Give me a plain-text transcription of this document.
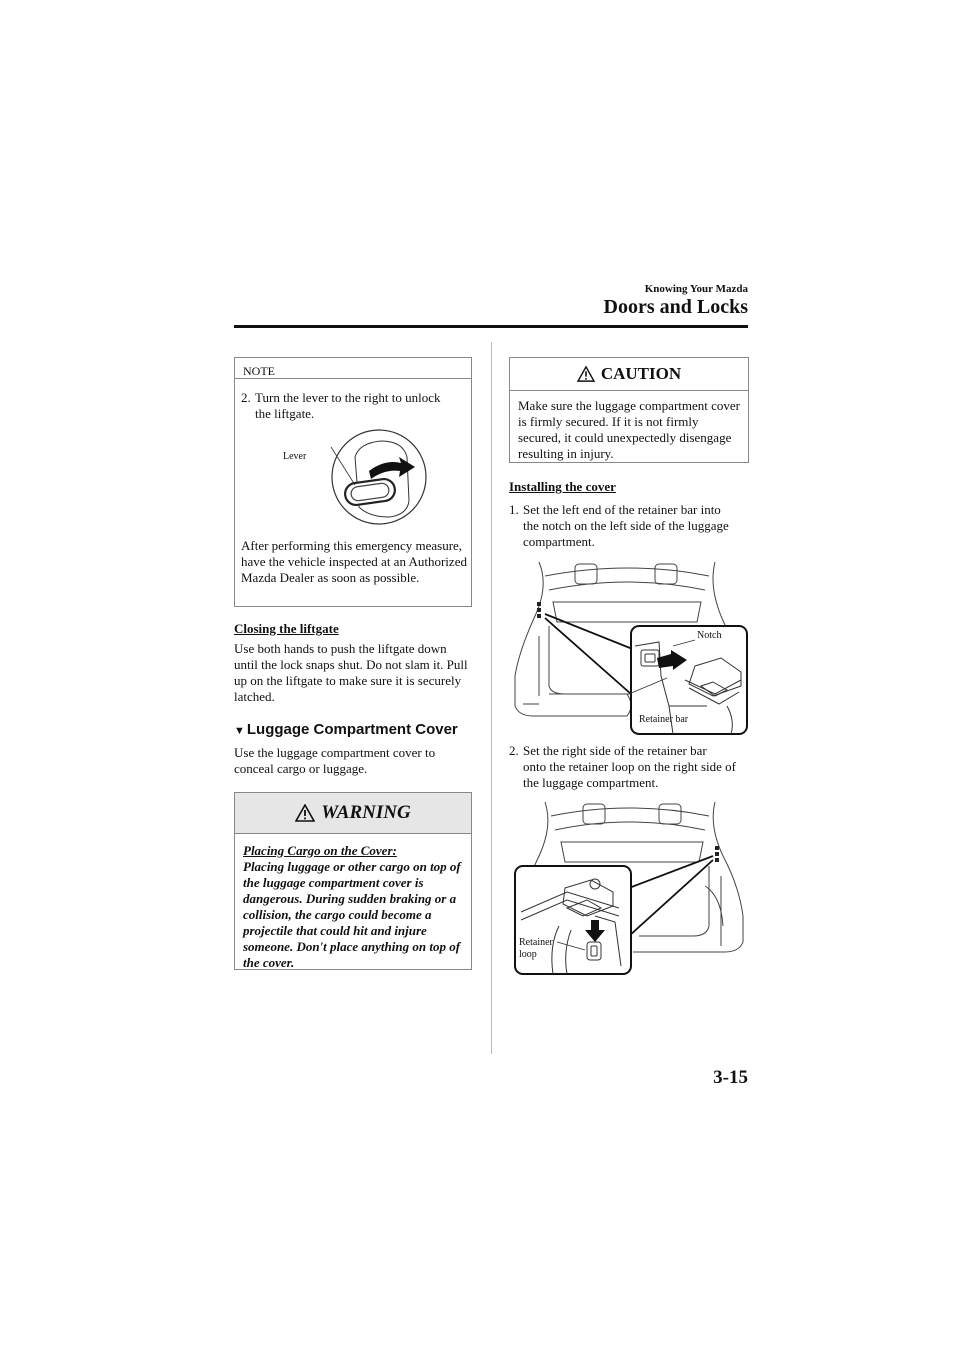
Knowing Your Mazda
Doors and Locks
NOTE
2. Turn the lever to the right to unlock
the liftgate.
Lever
After performing this emergency measure, have the vehicle inspected at an Authorized Mazda Dealer as soon as possible.
Closing the liftgate
Use both hands to push the liftgate down until the lock snaps shut. Do not slam it. Pull up on the liftgate to make sure it is securely latched.
▼ Luggage Compartment Cover
Use the luggage compartment cover to conceal cargo or luggage.
WARNING
Placing Cargo on the Cover:
Placing luggage or other cargo on top of the luggage compartment cover is dangerous. During sudden braking or a collision, the cargo could become a projectile that could hit and injure someone. Don't place anything on top of the cover.
CAUTION
Make sure the luggage compartment cover is firmly secured. If it is not firmly secured, it could unexpectedly disengage resulting in injury.
Installing the cover
1. Set the left end of the retainer bar into
the notch on the left side of the luggage compartment.
Notch
Retainer bar
2. Set the right side of the retainer bar
onto the retainer loop on the right side of the luggage compartment.
Retainer
loop
3-15
